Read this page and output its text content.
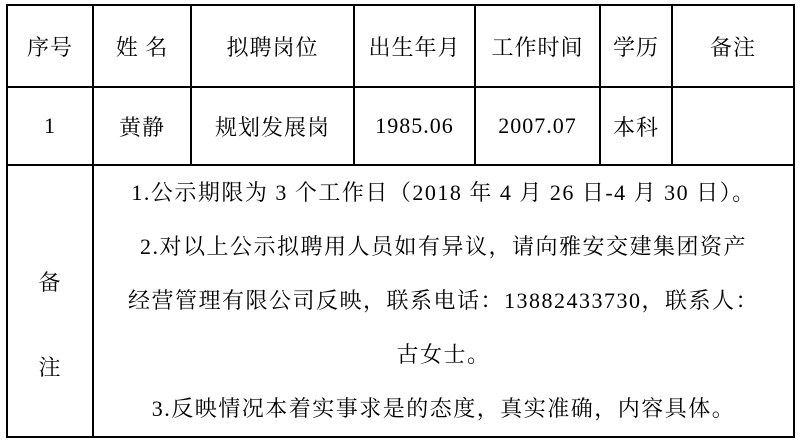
序号	姓 名	拟聘岗位	出生年月	工作时间	学历	备注
1	黄静	规划发展岗	1985.06	2007.07	本科	

备
注

1.公示期限为 3 个工作日（2018 年 4 月 26 日-4 月 30 日）。
2.对以上公示拟聘用人员如有异议，请向雅安交建集团资产
经营管理有限公司反映，联系电话：13882433730，联系人：
古女士。
3.反映情况本着实事求是的态度，真实准确，内容具体。
